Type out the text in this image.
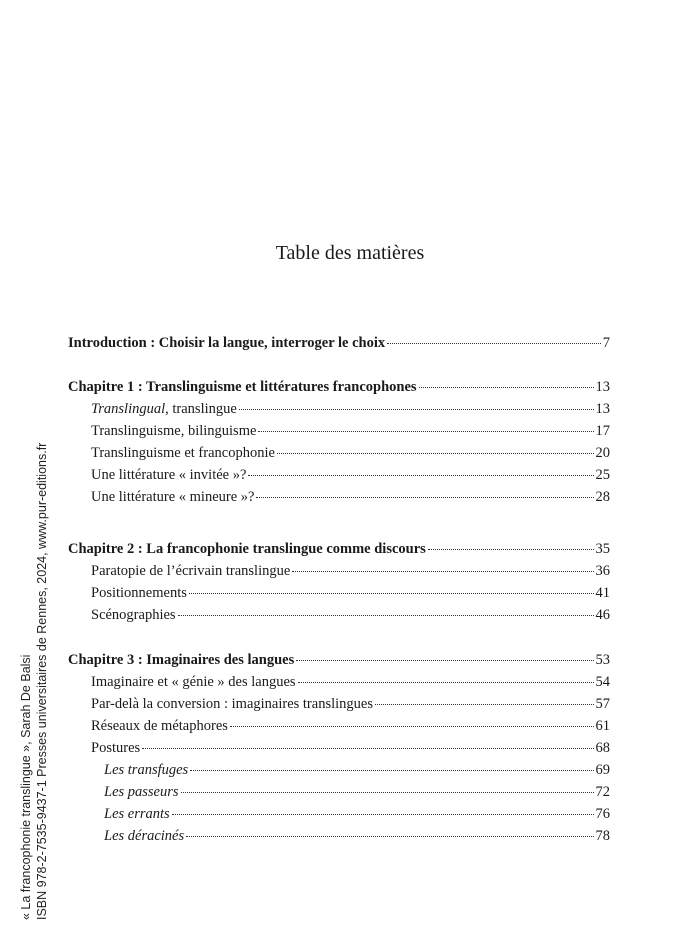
Table des matières
Introduction : Choisir la langue, interroger le choix	7
Chapitre 1 : Translinguisme et littératures francophones	13
Translingual, translingue	13
Translinguisme, bilinguisme	17
Translinguisme et francophonie	20
Une littérature « invitée »?	25
Une littérature « mineure »?	28
Chapitre 2 : La francophonie translingue comme discours	35
Paratopie de l’écrivain translingue	36
Positionnements	41
Scénographies	46
Chapitre 3 : Imaginaires des langues	53
Imaginaire et « génie » des langues	54
Par-delà la conversion : imaginaires translingues	57
Réseaux de métaphores	61
Postures	68
Les transfuges	69
Les passeurs	72
Les errants	76
Les déracinés	78
« La francophonie translingue », Sarah De Balsi ISBN 978-2-7535-9437-1 Presses universitaires de Rennes, 2024, www.pur-editions.fr
